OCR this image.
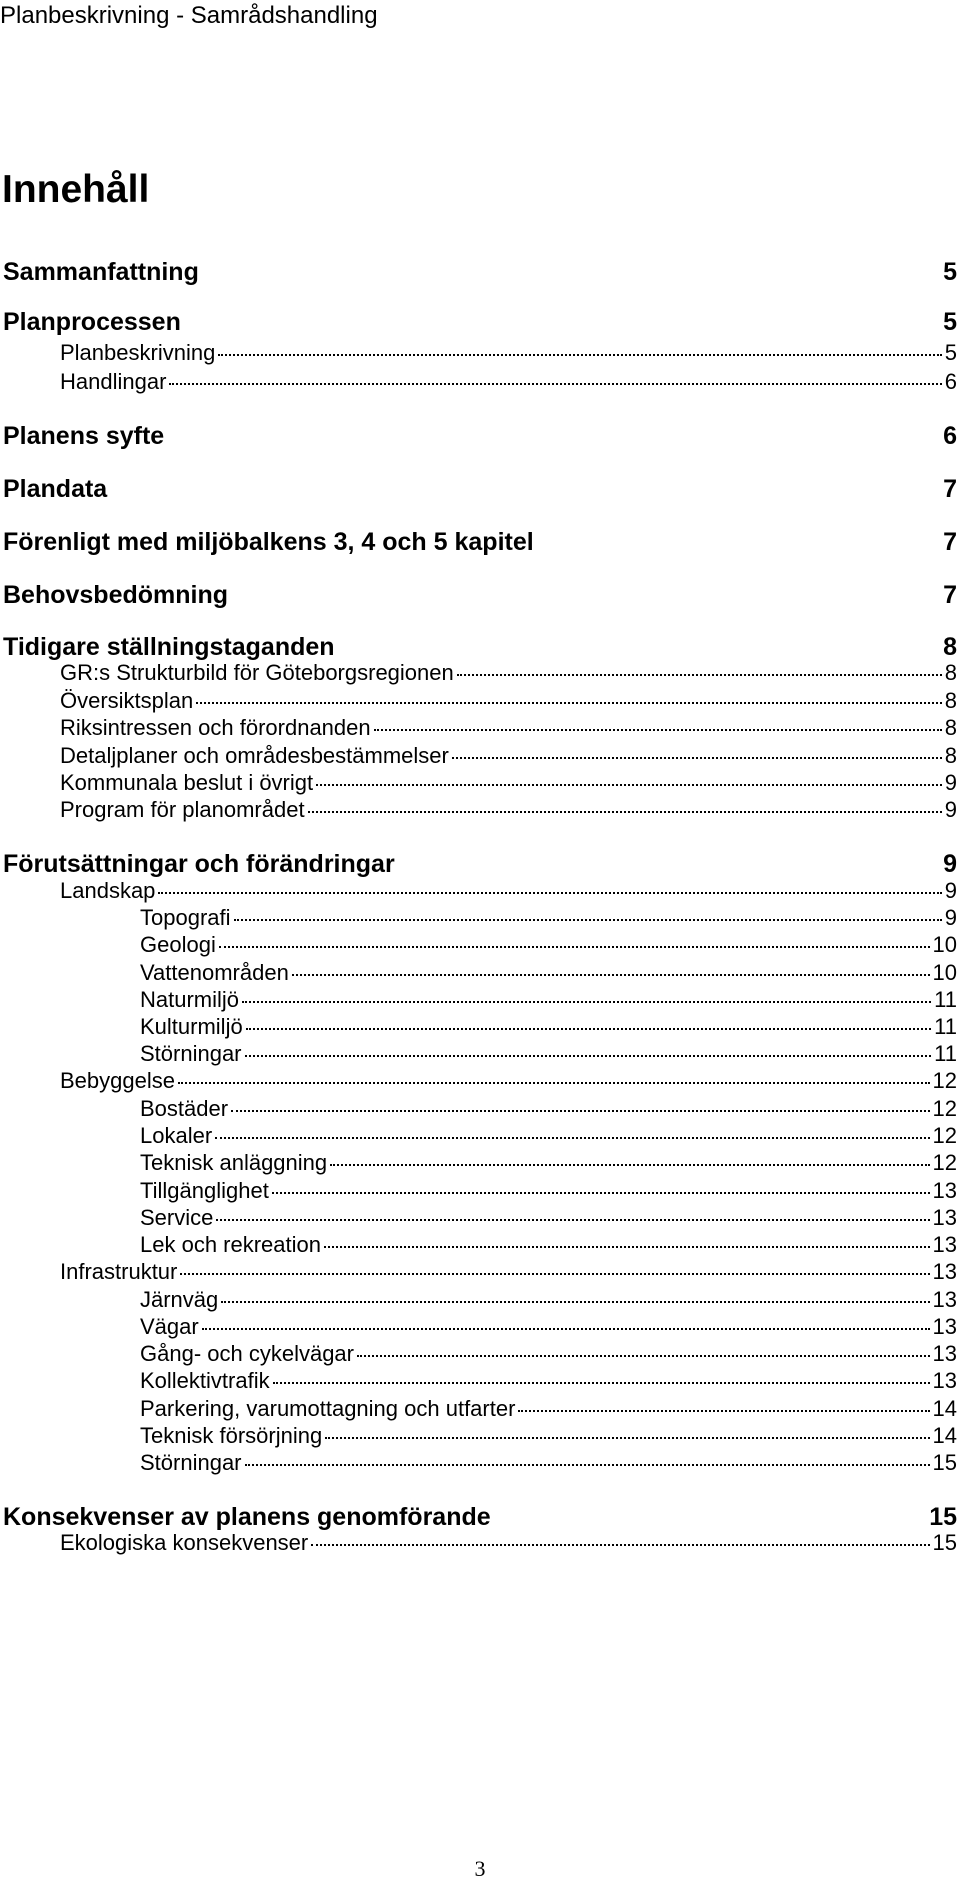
Planbeskrivning - Samrådshandling
Innehåll
Sammanfattning	5
Planprocessen	5
Planbeskrivning	5
Handlingar	6
Planens syfte	6
Plandata	7
Förenligt med miljöbalkens 3, 4 och 5 kapitel	7
Behovsbedömning	7
Tidigare ställningstaganden	8
GR:s Strukturbild för Göteborgsregionen	8
Översiktsplan	8
Riksintressen och förordnanden	8
Detaljplaner och områdesbestämmelser	8
Kommunala beslut i övrigt	9
Program för planområdet	9
Förutsättningar och förändringar	9
Landskap	9
Topografi	9
Geologi	10
Vattenområden	10
Naturmiljö	11
Kulturmiljö	11
Störningar	11
Bebyggelse	12
Bostäder	12
Lokaler	12
Teknisk anläggning	12
Tillgänglighet	13
Service	13
Lek och rekreation	13
Infrastruktur	13
Järnväg	13
Vägar	13
Gång- och cykelvägar	13
Kollektivtrafik	13
Parkering, varumottagning och utfarter	14
Teknisk försörjning	14
Störningar	15
Konsekvenser av planens genomförande	15
Ekologiska konsekvenser	15
3
